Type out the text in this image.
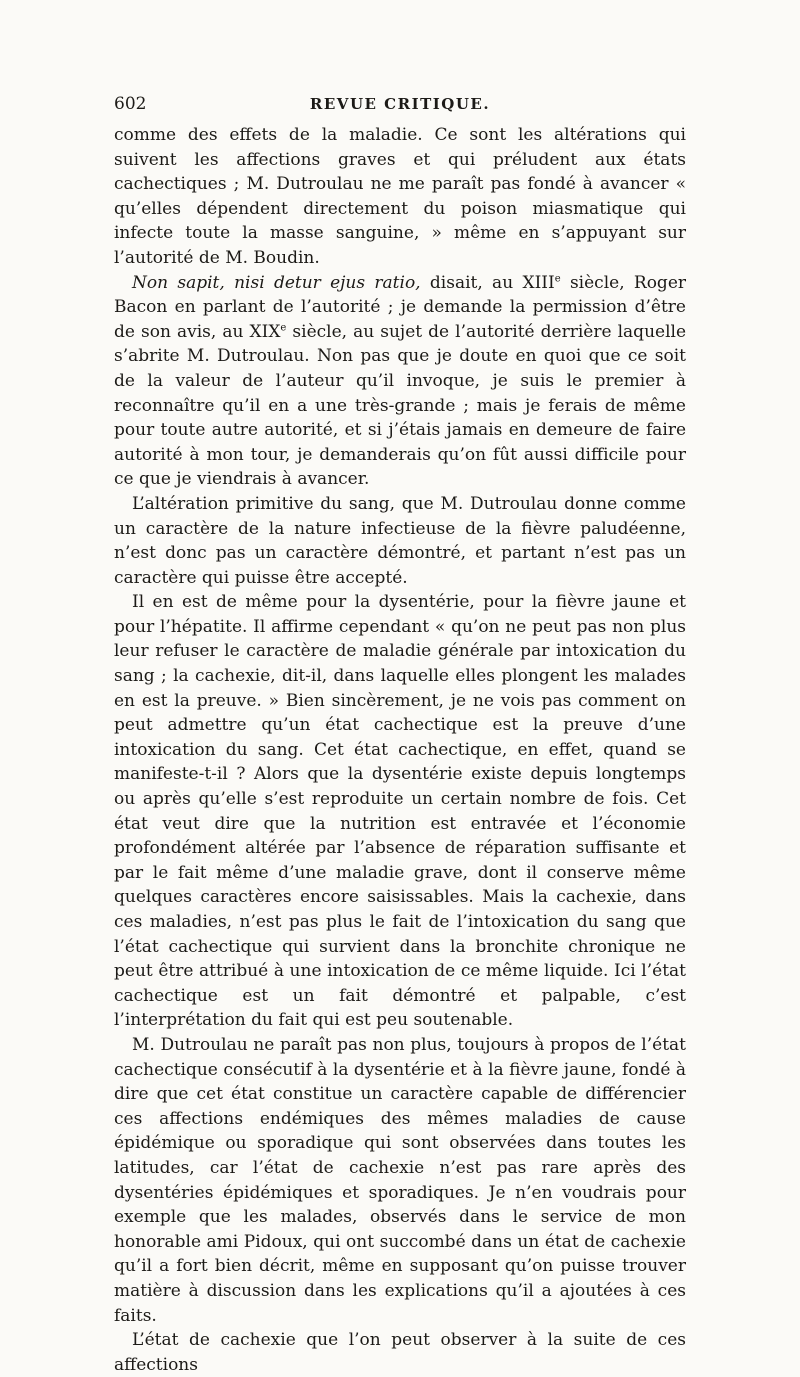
602	REVUE CRITIQUE.

comme des effets de la maladie. Ce sont les altérations qui suivent les affections graves et qui préludent aux états cachectiques ; M. Dutroulau ne me paraît pas fondé à avancer « qu’elles dépendent directement du poison miasmatique qui infecte toute la masse sanguine, » même en s’appuyant sur l’autorité de M. Boudin.

Non sapit, nisi detur ejus ratio, disait, au XIIIe siècle, Roger Bacon en parlant de l’autorité ; je demande la permission d’être de son avis, au XIXe siècle, au sujet de l’autorité derrière laquelle s’abrite M. Dutroulau. Non pas que je doute en quoi que ce soit de la valeur de l’auteur qu’il invoque, je suis le premier à reconnaître qu’il en a une très-grande ; mais je ferais de même pour toute autre autorité, et si j’étais jamais en demeure de faire autorité à mon tour, je demanderais qu’on fût aussi difficile pour ce que je viendrais à avancer.

L’altération primitive du sang, que M. Dutroulau donne comme un caractère de la nature infectieuse de la fièvre paludéenne, n’est donc pas un caractère démontré, et partant n’est pas un caractère qui puisse être accepté.

Il en est de même pour la dysentérie, pour la fièvre jaune et pour l’hépatite. Il affirme cependant « qu’on ne peut pas non plus leur refuser le caractère de maladie générale par intoxication du sang ; la cachexie, dit-il, dans laquelle elles plongent les malades en est la preuve. » Bien sincèrement, je ne vois pas comment on peut admettre qu’un état cachectique est la preuve d’une intoxication du sang. Cet état cachectique, en effet, quand se manifeste-t-il ? Alors que la dysentérie existe depuis longtemps ou après qu’elle s’est reproduite un certain nombre de fois. Cet état veut dire que la nutrition est entravée et l’économie profondément altérée par l’absence de réparation suffisante et par le fait même d’une maladie grave, dont il conserve même quelques caractères encore saisissables. Mais la cachexie, dans ces maladies, n’est pas plus le fait de l’intoxication du sang que l’état cachectique qui survient dans la bronchite chronique ne peut être attribué à une intoxication de ce même liquide. Ici l’état cachectique est un fait démontré et palpable, c’est l’interprétation du fait qui est peu soutenable.

M. Dutroulau ne paraît pas non plus, toujours à propos de l’état cachectique consécutif à la dysentérie et à la fièvre jaune, fondé à dire que cet état constitue un caractère capable de différencier ces affections endémiques des mêmes maladies de cause épidémique ou sporadique qui sont observées dans toutes les latitudes, car l’état de cachexie n’est pas rare après des dysentéries épidémiques et sporadiques. Je n’en voudrais pour exemple que les malades, observés dans le service de mon honorable ami Pidoux, qui ont succombé dans un état de cachexie qu’il a fort bien décrit, même en supposant qu’on puisse trouver matière à discussion dans les explications qu’il a ajoutées à ces faits.

L’état de cachexie que l’on peut observer à la suite de ces affections
